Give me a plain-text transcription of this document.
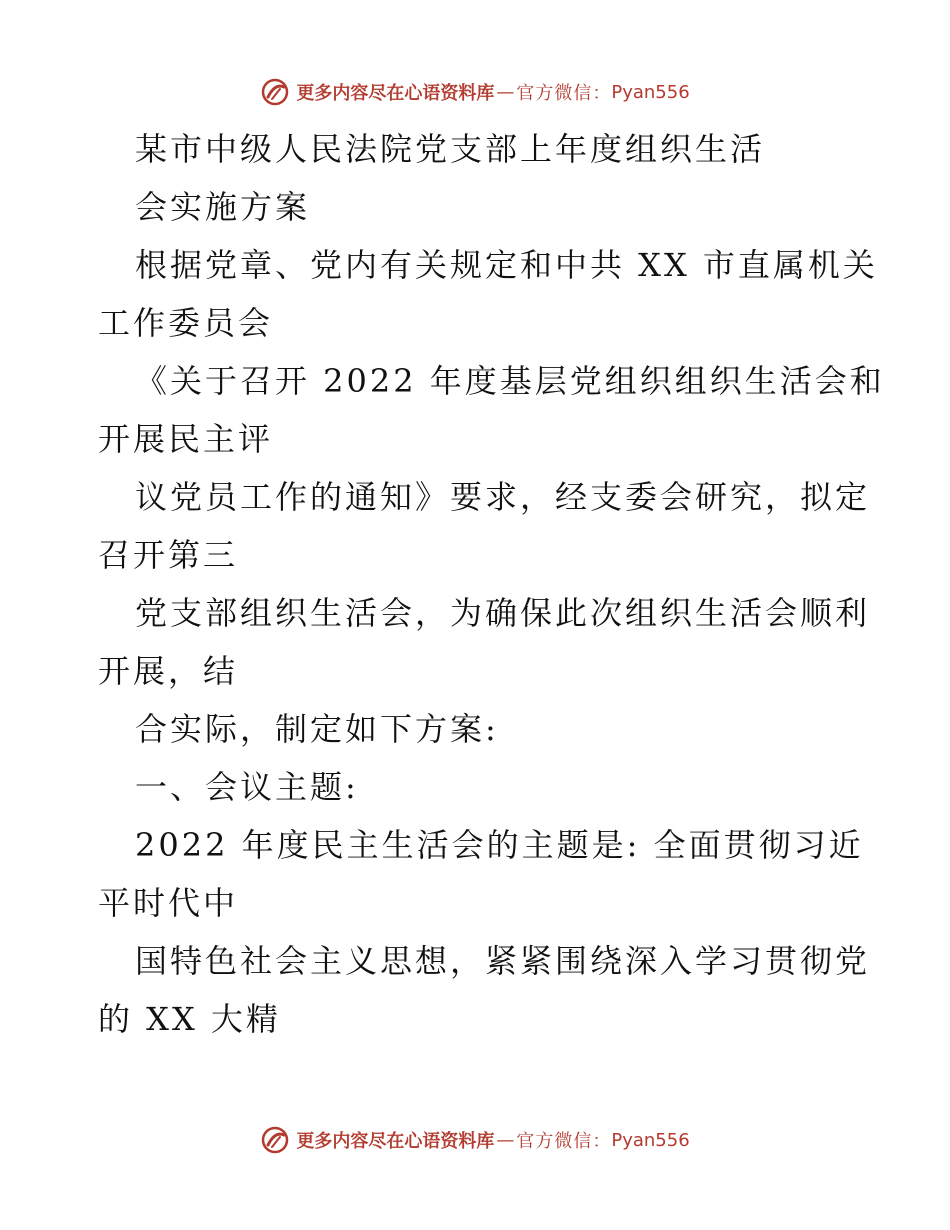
更多内容尽在心语资料库 — 官方微信： Pyan556
某市中级人民法院党支部上年度组织生活
会实施方案
根据党章、党内有关规定和中共 XX 市直属机关
工作委员会
《关于召开 2022 年度基层党组织组织生活会和
开展民主评
议党员工作的通知》要求，经支委会研究，拟定
召开第三
党支部组织生活会，为确保此次组织生活会顺利
开展，结
合实际，制定如下方案:
一、会议主题:
2022 年度民主生活会的主题是: 全面贯彻习近
平时代中
国特色社会主义思想，紧紧围绕深入学习贯彻党
的 XX 大精
更多内容尽在心语资料库 — 官方微信： Pyan556
